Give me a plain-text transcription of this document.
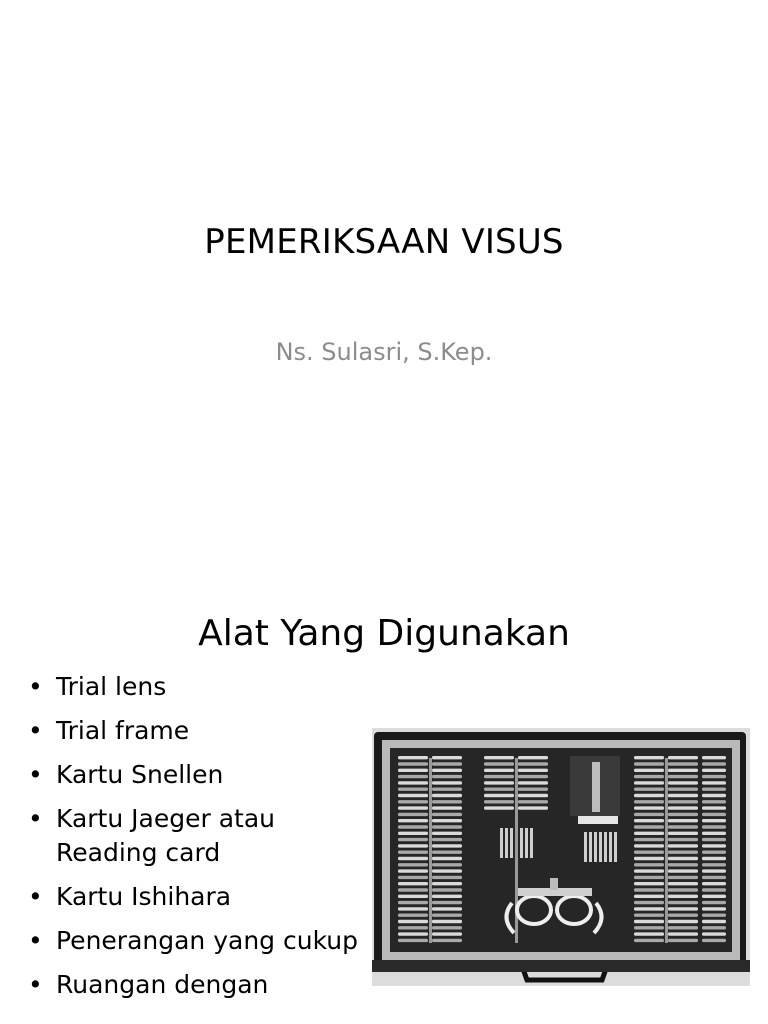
PEMERIKSAAN VISUS
Ns. Sulasri, S.Kep.
Alat Yang Digunakan
• Trial lens
• Trial frame
• Kartu Snellen
• Kartu Jaeger atau Reading card
• Kartu Ishihara
• Penerangan yang cukup
• Ruangan dengan
